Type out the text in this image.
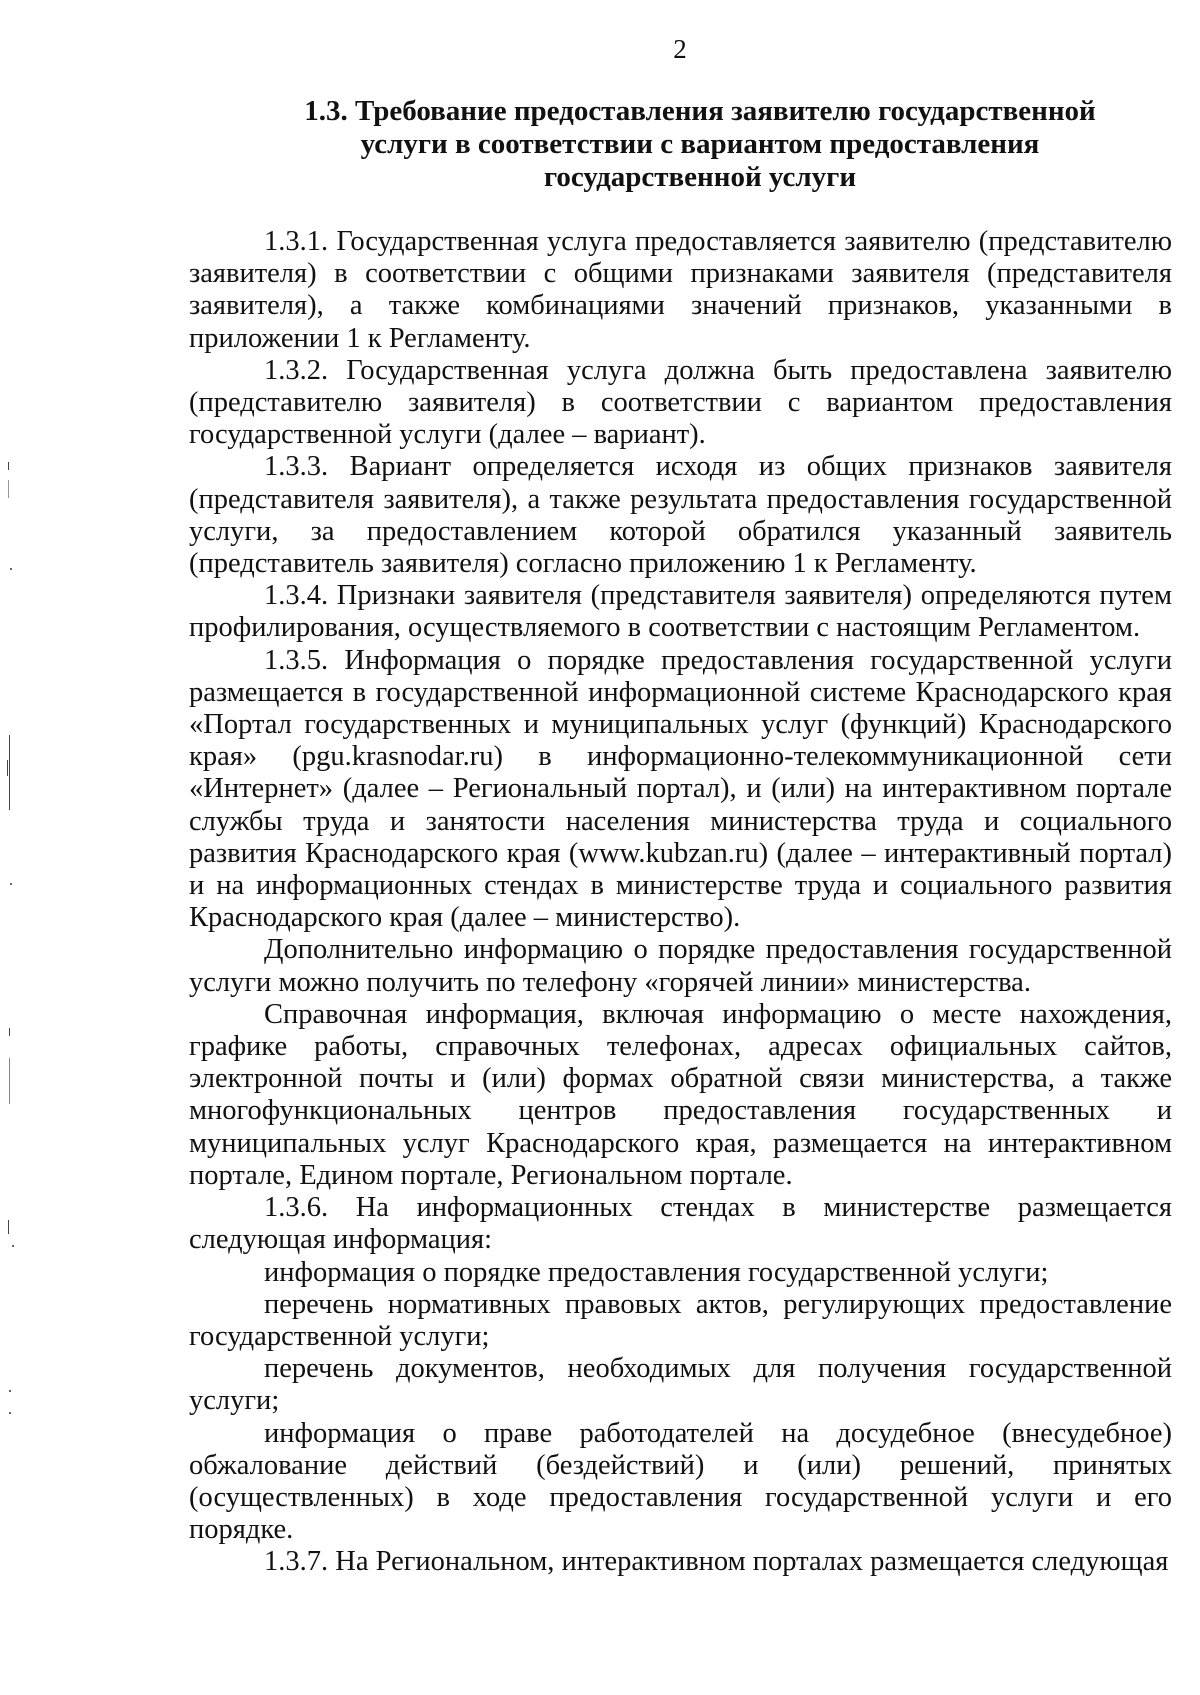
2
1.3. Требование предоставления заявителю государственной
услуги в соответствии с вариантом предоставления
государственной услуги

1.3.1. Государственная услуга предоставляется заявителю (представителю заявителя) в соответствии с общими признаками заявителя (представителя заявителя), а также комбинациями значений признаков, указанными в приложении 1 к Регламенту.

1.3.2. Государственная услуга должна быть предоставлена заявителю (представителю заявителя) в соответствии с вариантом предоставления государственной услуги (далее – вариант).

1.3.3. Вариант определяется исходя из общих признаков заявителя (представителя заявителя), а также результата предоставления государственной услуги, за предоставлением которой обратился указанный заявитель (представитель заявителя) согласно приложению 1 к Регламенту.

1.3.4. Признаки заявителя (представителя заявителя) определяются путем профилирования, осуществляемого в соответствии с настоящим Регламентом.

1.3.5. Информация о порядке предоставления государственной услуги размещается в государственной информационной системе Краснодарского края «Портал государственных и муниципальных услуг (функций) Краснодарского края» (pgu.krasnodar.ru) в информационно-телекоммуникационной сети «Интернет» (далее – Региональный портал), и (или) на интерактивном портале службы труда и занятости населения министерства труда и социального развития Краснодарского края (www.kubzan.ru) (далее – интерактивный портал) и на информационных стендах в министерстве труда и социального развития Краснодарского края (далее – министерство).

Дополнительно информацию о порядке предоставления государственной услуги можно получить по телефону «горячей линии» министерства.

Справочная информация, включая информацию о месте нахождения, графике работы, справочных телефонах, адресах официальных сайтов, электронной почты и (или) формах обратной связи министерства, а также многофункциональных центров предоставления государственных и муниципальных услуг Краснодарского края, размещается на интерактивном портале, Едином портале, Региональном портале.

1.3.6. На информационных стендах в министерстве размещается следующая информация:

информация о порядке предоставления государственной услуги;

перечень нормативных правовых актов, регулирующих предоставление государственной услуги;

перечень документов, необходимых для получения государственной услуги;

информация о праве работодателей на досудебное (внесудебное) обжалование действий (бездействий) и (или) решений, принятых (осуществленных) в ходе предоставления государственной услуги и его порядке.

1.3.7. На Региональном, интерактивном порталах размещается следующая
